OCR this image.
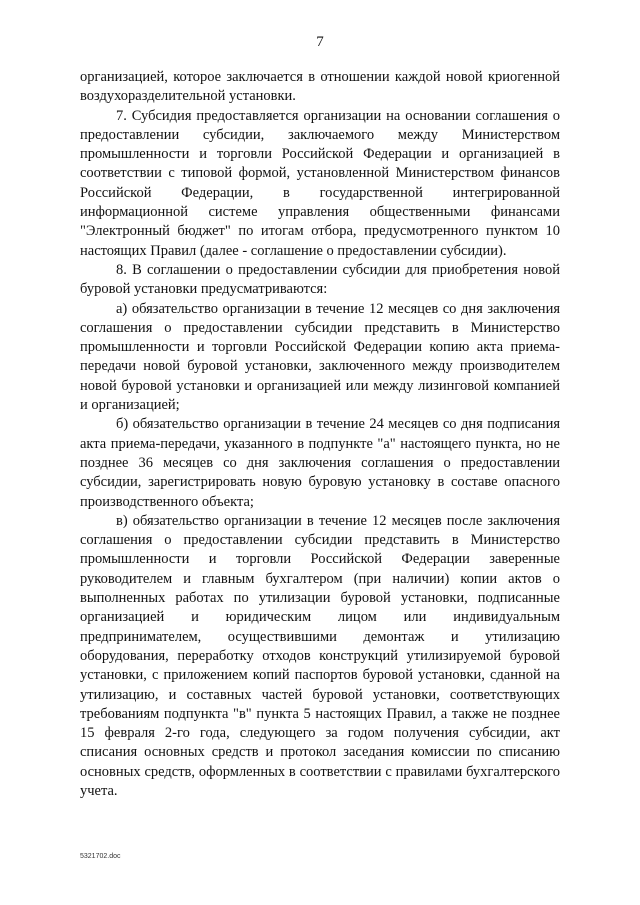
7

организацией, которое заключается в отношении каждой новой криогенной воздухоразделительной установки.

7. Субсидия предоставляется организации на основании соглашения о предоставлении субсидии, заключаемого между Министерством промышленности и торговли Российской Федерации и организацией в соответствии с типовой формой, установленной Министерством финансов Российской Федерации, в государственной интегрированной информационной системе управления общественными финансами "Электронный бюджет" по итогам отбора, предусмотренного пунктом 10 настоящих Правил (далее - соглашение о предоставлении субсидии).

8. В соглашении о предоставлении субсидии для приобретения новой буровой установки предусматриваются:

а) обязательство организации в течение 12 месяцев со дня заключения соглашения о предоставлении субсидии представить в Министерство промышленности и торговли Российской Федерации копию акта приема-передачи новой буровой установки, заключенного между производителем новой буровой установки и организацией или между лизинговой компанией и организацией;

б) обязательство организации в течение 24 месяцев со дня подписания акта приема-передачи, указанного в подпункте "а" настоящего пункта, но не позднее 36 месяцев со дня заключения соглашения о предоставлении субсидии, зарегистрировать новую буровую установку в составе опасного производственного объекта;

в) обязательство организации в течение 12 месяцев после заключения соглашения о предоставлении субсидии представить в Министерство промышленности и торговли Российской Федерации заверенные руководителем и главным бухгалтером (при наличии) копии актов о выполненных работах по утилизации буровой установки, подписанные организацией и юридическим лицом или индивидуальным предпринимателем, осуществившими демонтаж и утилизацию оборудования, переработку отходов конструкций утилизируемой буровой установки, с приложением копий паспортов буровой установки, сданной на утилизацию, и составных частей буровой установки, соответствующих требованиям подпункта "в" пункта 5 настоящих Правил, а также не позднее 15 февраля 2-го года, следующего за годом получения субсидии, акт списания основных средств и протокол заседания комиссии по списанию основных средств, оформленных в соответствии с правилами бухгалтерского учета.

5321702.doc
